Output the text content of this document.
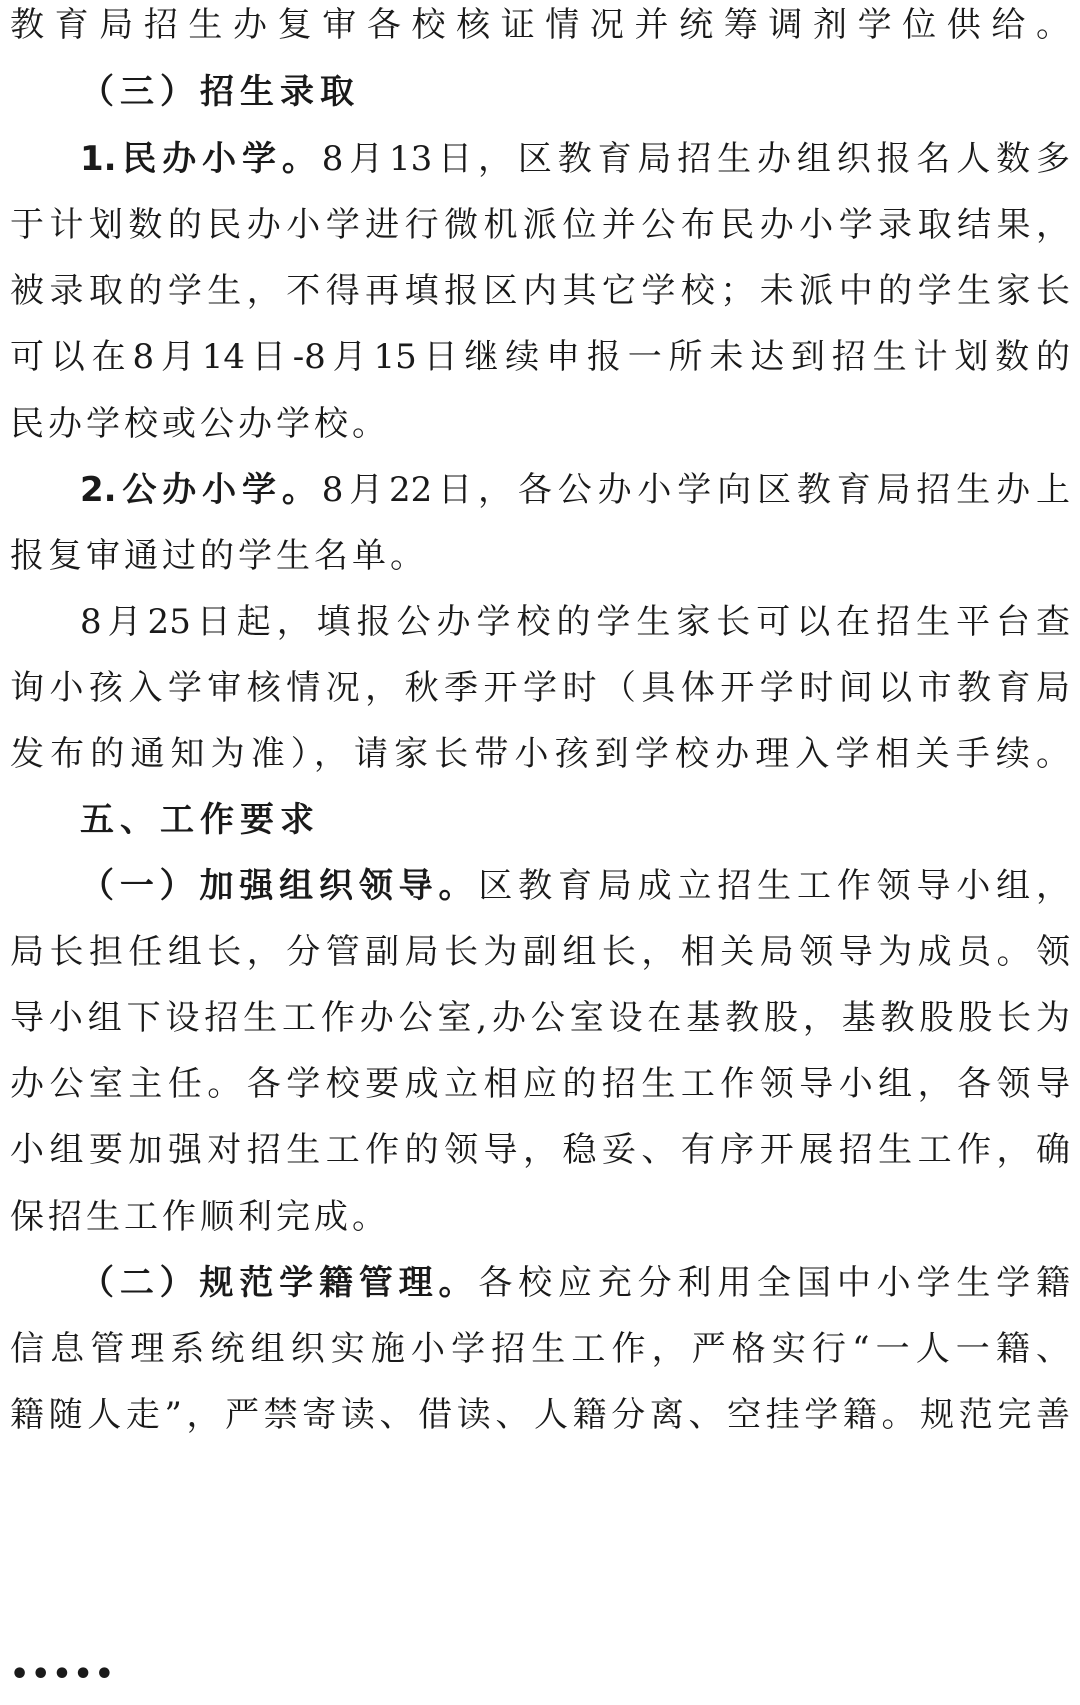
教育局招生办复审各校核证情况并统筹调剂学位供给。
（三）招生录取
1.民办小学。8月13日，区教育局招生办组织报名人数多
于计划数的民办小学进行微机派位并公布民办小学录取结果，
被录取的学生，不得再填报区内其它学校；未派中的学生家长
可以在8月14日-8月15日继续申报一所未达到招生计划数的
民办学校或公办学校。
2.公办小学。8月22日，各公办小学向区教育局招生办上
报复审通过的学生名单。
8月25日起，填报公办学校的学生家长可以在招生平台查
询小孩入学审核情况，秋季开学时（具体开学时间以市教育局
发布的通知为准），请家长带小孩到学校办理入学相关手续。
五、工作要求
（一）加强组织领导。区教育局成立招生工作领导小组，
局长担任组长，分管副局长为副组长，相关局领导为成员。领
导小组下设招生工作办公室,办公室设在基教股，基教股股长为
办公室主任。各学校要成立相应的招生工作领导小组，各领导
小组要加强对招生工作的领导，稳妥、有序开展招生工作，确
保招生工作顺利完成。
（二）规范学籍管理。各校应充分利用全国中小学生学籍
信息管理系统组织实施小学招生工作，严格实行“一人一籍、
籍随人走”，严禁寄读、借读、人籍分离、空挂学籍。规范完善
•••••
